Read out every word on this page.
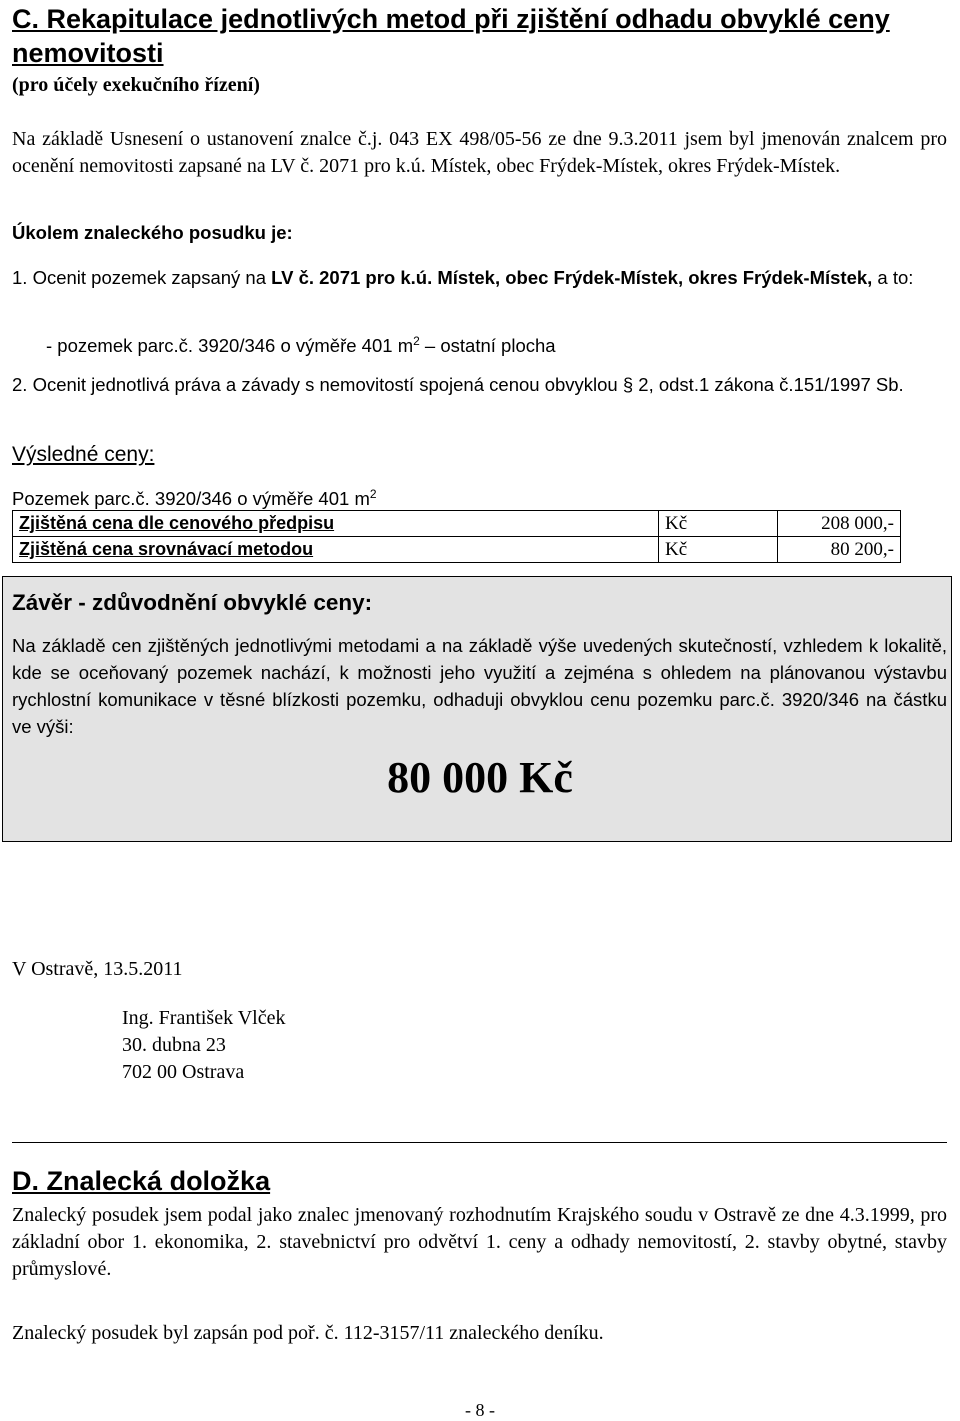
C. Rekapitulace jednotlivých metod při zjištění odhadu obvyklé ceny nemovitosti
(pro účely exekučního řízení)
Na základě Usnesení o ustanovení znalce č.j. 043 EX 498/05-56 ze dne 9.3.2011 jsem byl jmenován znalcem pro ocenění nemovitosti zapsané na LV č. 2071 pro k.ú. Místek, obec Frýdek-Místek, okres Frýdek-Místek.
Úkolem znaleckého posudku je:
1. Ocenit pozemek zapsaný na LV č. 2071 pro k.ú. Místek, obec Frýdek-Místek, okres Frýdek-Místek, a to:
- pozemek parc.č. 3920/346 o výměře 401 $m^2$ – ostatní plocha
2. Ocenit jednotlivá práva a závady s nemovitostí spojená cenou obvyklou § 2, odst.1 zákona č.151/1997 Sb.
Výsledné ceny:
Pozemek parc.č. 3920/346 o výměře 401 $m^2$
Zjištěná cena dle cenového předpisu	Kč	208 000,-
Zjištěná cena srovnávací metodou	Kč	80 200,-
Závěr - zdůvodnění obvyklé ceny:
Na základě cen zjištěných jednotlivými metodami a na základě výše uvedených skutečností, vzhledem k lokalitě, kde se oceňovaný pozemek nachází, k možnosti jeho využití a zejména s ohledem na plánovanou výstavbu rychlostní komunikace v těsné blízkosti pozemku, odhaduji obvyklou cenu pozemku parc.č. 3920/346 na částku ve výši:
80 000 Kč
V Ostravě, 13.5.2011
Ing. František Vlček
30. dubna 23
702 00 Ostrava
D. Znalecká doložka
Znalecký posudek jsem podal jako znalec jmenovaný rozhodnutím Krajského soudu v Ostravě ze dne 4.3.1999, pro základní obor 1. ekonomika, 2. stavebnictví pro odvětví 1. ceny a odhady nemovitostí, 2. stavby obytné, stavby průmyslové.
Znalecký posudek byl zapsán pod poř. č. 112-3157/11 znaleckého deníku.
- 8 -
